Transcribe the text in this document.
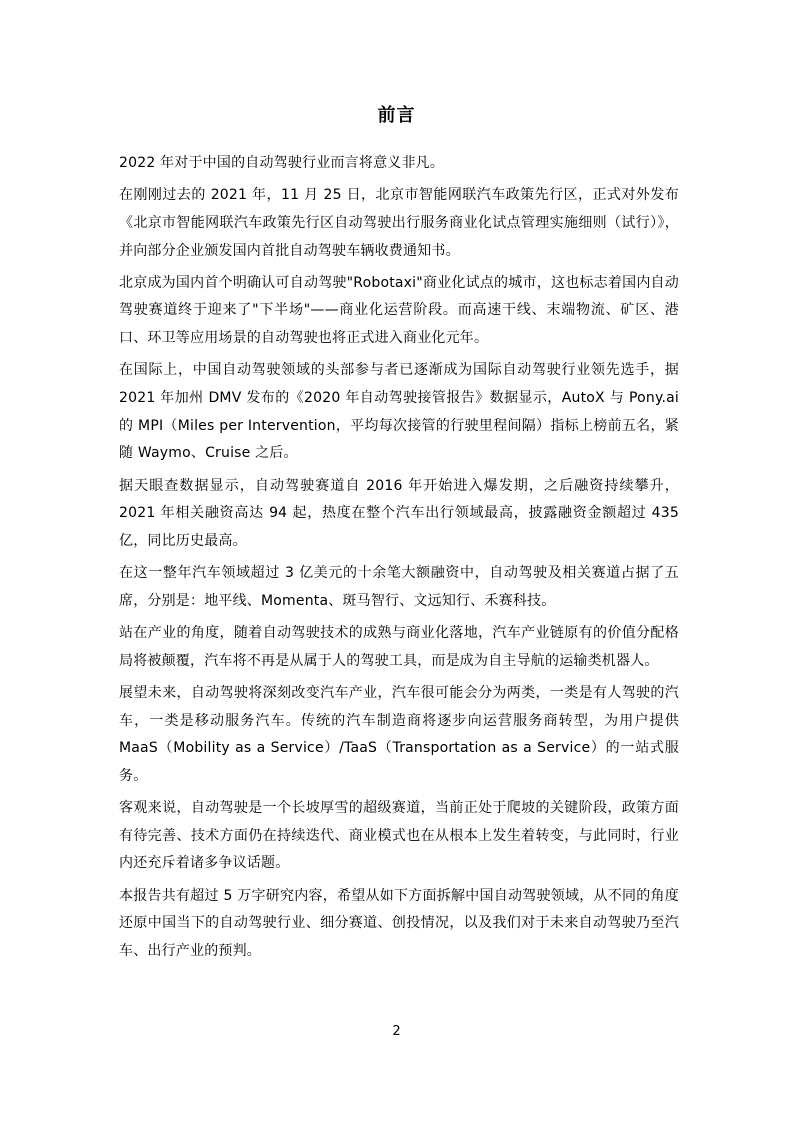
前言

2022 年对于中国的自动驾驶行业而言将意义非凡。

在刚刚过去的 2021 年，11 月 25 日，北京市智能网联汽车政策先行区，正式对外发布《北京市智能网联汽车政策先行区自动驾驶出行服务商业化试点管理实施细则（试行）》，并向部分企业颁发国内首批自动驾驶车辆收费通知书。

北京成为国内首个明确认可自动驾驶"Robotaxi"商业化试点的城市，这也标志着国内自动驾驶赛道终于迎来了"下半场"——商业化运营阶段。而高速干线、末端物流、矿区、港口、环卫等应用场景的自动驾驶也将正式进入商业化元年。

在国际上，中国自动驾驶领域的头部参与者已逐渐成为国际自动驾驶行业领先选手，据 2021 年加州 DMV 发布的《2020 年自动驾驶接管报告》数据显示，AutoX 与 Pony.ai 的 MPI（Miles per Intervention，平均每次接管的行驶里程间隔）指标上榜前五名，紧随 Waymo、Cruise 之后。

据天眼查数据显示，自动驾驶赛道自 2016 年开始进入爆发期，之后融资持续攀升，2021 年相关融资高达 94 起，热度在整个汽车出行领域最高，披露融资金额超过 435 亿，同比历史最高。

在这一整年汽车领域超过 3 亿美元的十余笔大额融资中，自动驾驶及相关赛道占据了五席，分别是：地平线、Momenta、斑马智行、文远知行、禾赛科技。

站在产业的角度，随着自动驾驶技术的成熟与商业化落地，汽车产业链原有的价值分配格局将被颠覆，汽车将不再是从属于人的驾驶工具，而是成为自主导航的运输类机器人。

展望未来，自动驾驶将深刻改变汽车产业，汽车很可能会分为两类，一类是有人驾驶的汽车，一类是移动服务汽车。传统的汽车制造商将逐步向运营服务商转型，为用户提供 MaaS（Mobility as a Service）/TaaS（Transportation as a Service）的一站式服务。

客观来说，自动驾驶是一个长坡厚雪的超级赛道，当前正处于爬坡的关键阶段，政策方面有待完善、技术方面仍在持续迭代、商业模式也在从根本上发生着转变，与此同时，行业内还充斥着诸多争议话题。

本报告共有超过 5 万字研究内容，希望从如下方面拆解中国自动驾驶领域，从不同的角度还原中国当下的自动驾驶行业、细分赛道、创投情况，以及我们对于未来自动驾驶乃至汽车、出行产业的预判。

2
